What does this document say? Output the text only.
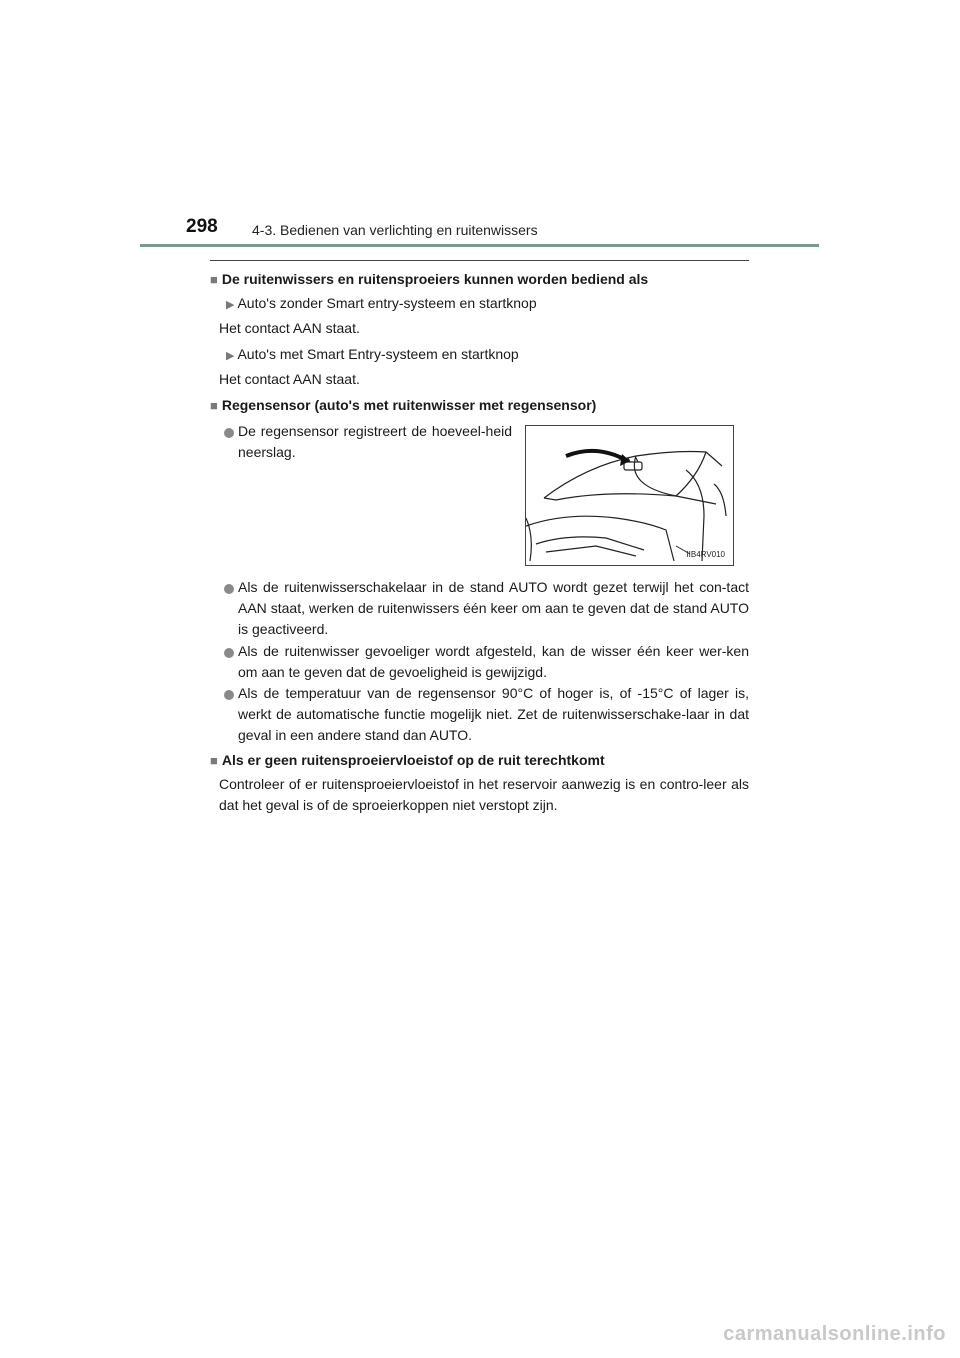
298 4-3. Bedienen van verlichting en ruitenwissers
■ De ruitenwissers en ruitensproeiers kunnen worden bediend als
▶ Auto's zonder Smart entry-systeem en startknop
Het contact AAN staat.
▶ Auto's met Smart Entry-systeem en startknop
Het contact AAN staat.
■ Regensensor (auto's met ruitenwisser met regensensor)
De regensensor registreert de hoeveel-heid neerslag.
IIB4RV010
Als de ruitenwisserschakelaar in de stand AUTO wordt gezet terwijl het con-tact AAN staat, werken de ruitenwissers één keer om aan te geven dat de stand AUTO is geactiveerd.
Als de ruitenwisser gevoeliger wordt afgesteld, kan de wisser één keer wer-ken om aan te geven dat de gevoeligheid is gewijzigd.
Als de temperatuur van de regensensor 90°C of hoger is, of -15°C of lager is, werkt de automatische functie mogelijk niet. Zet de ruitenwisserschake-laar in dat geval in een andere stand dan AUTO.
■ Als er geen ruitensproeiervloeistof op de ruit terechtkomt
Controleer of er ruitensproeiervloeistof in het reservoir aanwezig is en contro-leer als dat het geval is of de sproeierkoppen niet verstopt zijn.
carmanualsonline.info
